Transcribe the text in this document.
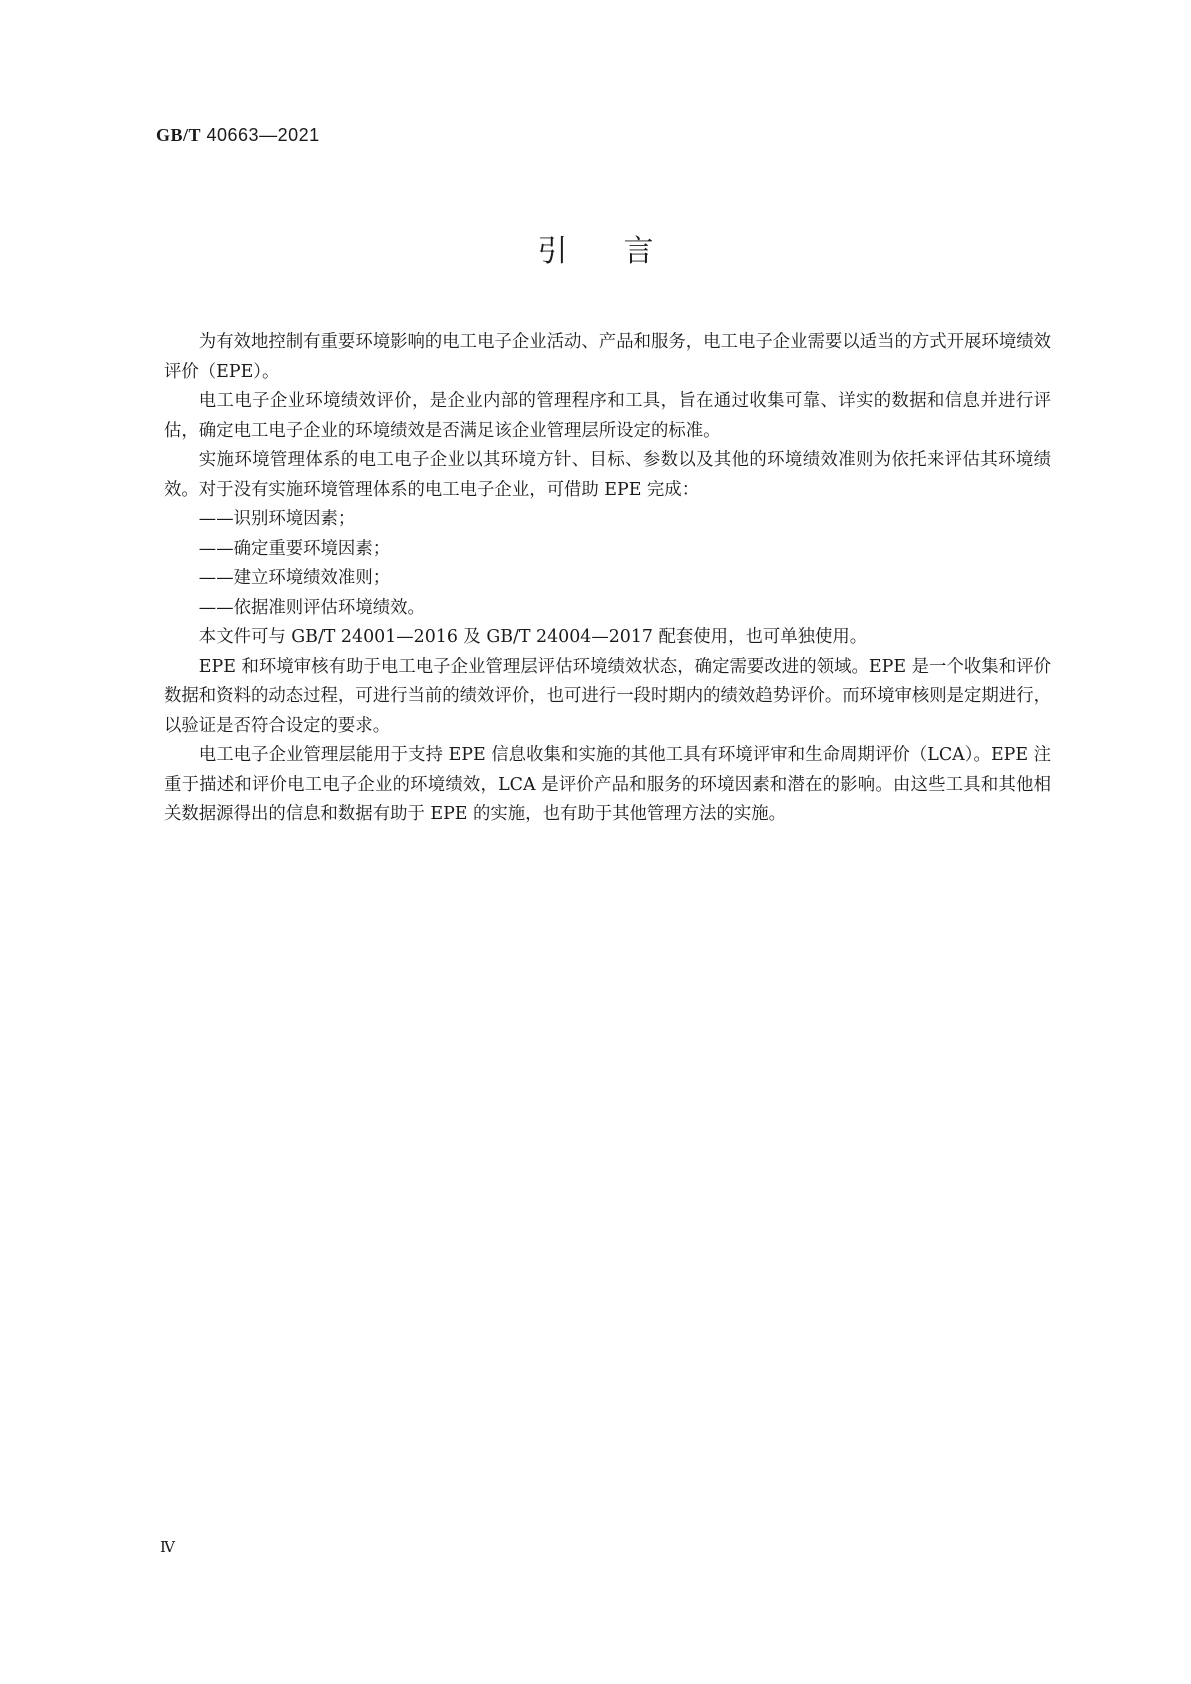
GB/T 40663—2021
引言

为有效地控制有重要环境影响的电工电子企业活动、产品和服务，电工电子企业需要以适当的方式开展环境绩效评价（EPE）。

电工电子企业环境绩效评价，是企业内部的管理程序和工具，旨在通过收集可靠、详实的数据和信息并进行评估，确定电工电子企业的环境绩效是否满足该企业管理层所设定的标准。

实施环境管理体系的电工电子企业以其环境方针、目标、参数以及其他的环境绩效准则为依托来评估其环境绩效。对于没有实施环境管理体系的电工电子企业，可借助 EPE 完成：

——识别环境因素；

——确定重要环境因素；

——建立环境绩效准则；

——依据准则评估环境绩效。

本文件可与 GB/T 24001—2016 及 GB/T 24004—2017 配套使用，也可单独使用。

EPE 和环境审核有助于电工电子企业管理层评估环境绩效状态，确定需要改进的领域。EPE 是一个收集和评价数据和资料的动态过程，可进行当前的绩效评价，也可进行一段时期内的绩效趋势评价。而环境审核则是定期进行，以验证是否符合设定的要求。

电工电子企业管理层能用于支持 EPE 信息收集和实施的其他工具有环境评审和生命周期评价（LCA）。EPE 注重于描述和评价电工电子企业的环境绩效，LCA 是评价产品和服务的环境因素和潜在的影响。由这些工具和其他相关数据源得出的信息和数据有助于 EPE 的实施，也有助于其他管理方法的实施。

Ⅳ
